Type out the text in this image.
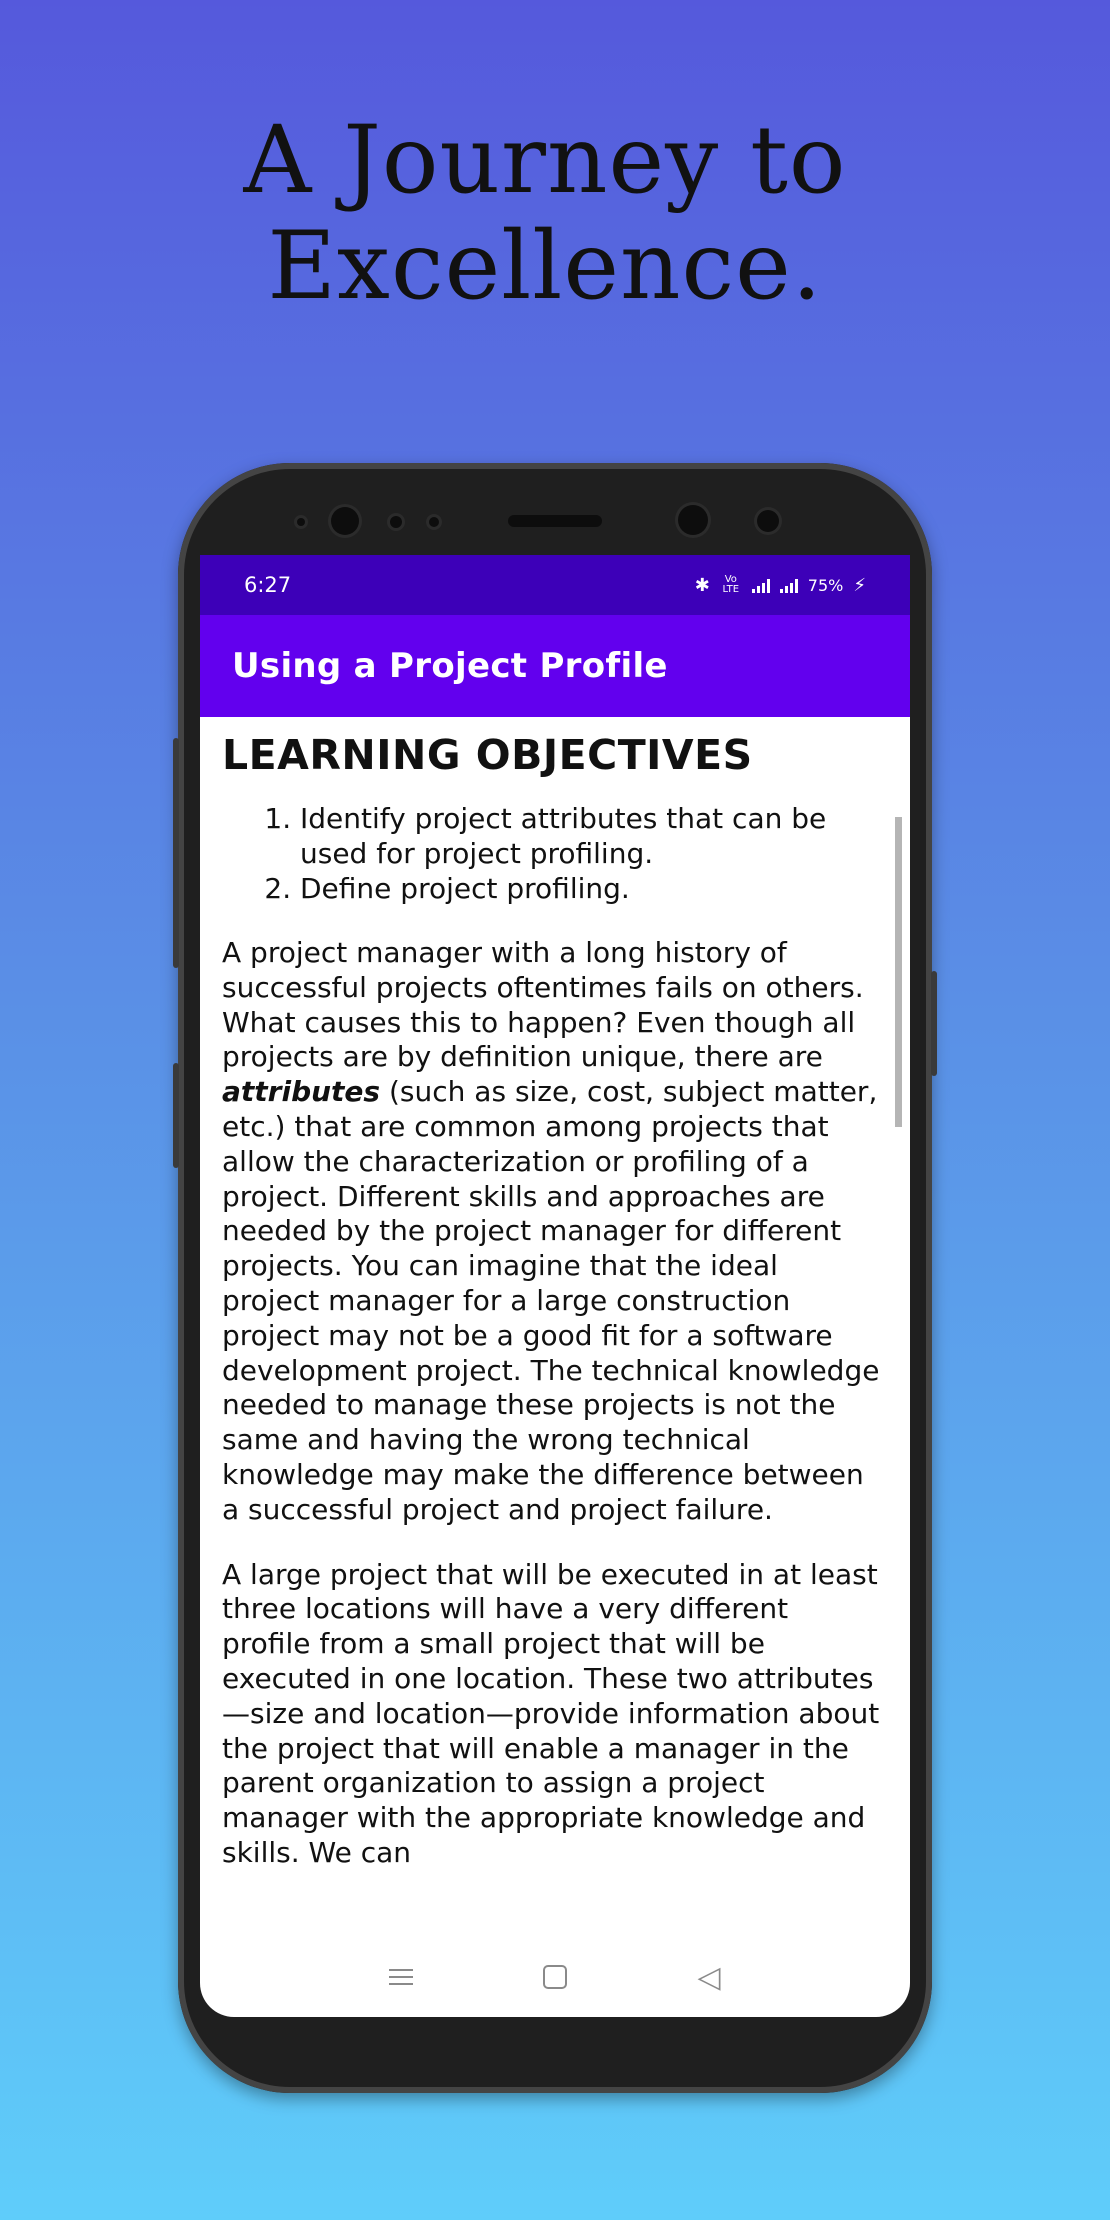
A Journey to
Excellence.
6:27	✱	Vo LTE	75% ⚡
Using a Project Profile
LEARNING OBJECTIVES
1. Identify project attributes that can be used for project profiling.
2. Define project profiling.

A project manager with a long history of successful projects oftentimes fails on others. What causes this to happen? Even though all projects are by definition unique, there are attributes (such as size, cost, subject matter, etc.) that are common among projects that allow the characterization or profiling of a project. Different skills and approaches are needed by the project manager for different projects. You can imagine that the ideal project manager for a large construction project may not be a good fit for a software development project. The technical knowledge needed to manage these projects is not the same and having the wrong technical knowledge may make the difference between a successful project and project failure.

A large project that will be executed in at least three locations will have a very different profile from a small project that will be executed in one location. These two attributes—size and location—provide information about the project that will enable a manager in the parent organization to assign a project manager with the appropriate knowledge and skills. We can

◁
